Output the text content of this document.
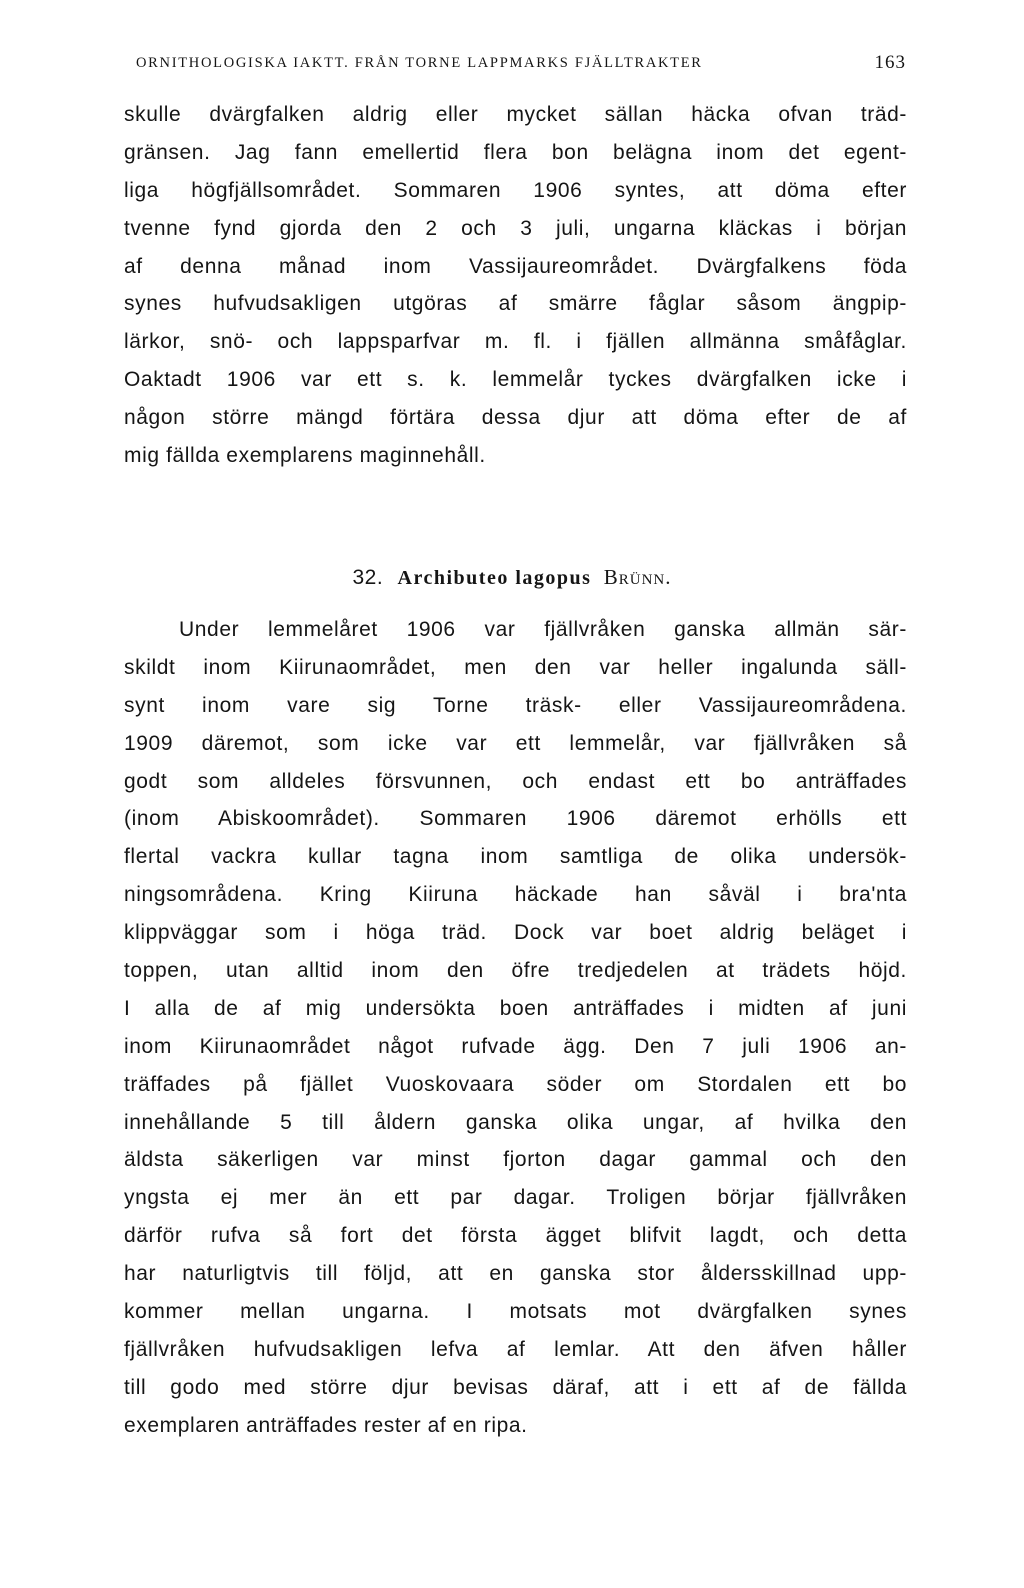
ORNITHOLOGISKA IAKTT. FRÅN TORNE LAPPMARKS FJÄLLTRAKTER	163

skulle dvärgfalken aldrig eller mycket sällan häcka ofvan träd-
gränsen. Jag fann emellertid flera bon belägna inom det egent-
liga högfjällsområdet. Sommaren 1906 syntes, att döma efter
tvenne fynd gjorda den 2 och 3 juli, ungarna kläckas i början
af denna månad inom Vassijaureområdet. Dvärgfalkens föda
synes hufvudsakligen utgöras af smärre fåglar såsom ängpip-
lärkor, snö- och lappsparfvar m. fl. i fjällen allmänna småfåglar.
Oaktadt 1906 var ett s. k. lemmelår tyckes dvärgfalken icke i
någon större mängd förtära dessa djur att döma efter de af
mig fällda exemplarens maginnehåll.

32. Archibuteo lagopus Brünn.

Under lemmelåret 1906 var fjällvråken ganska allmän sär-
skildt inom Kiirunaområdet, men den var heller ingalunda säll-
synt inom vare sig Torne träsk- eller Vassijaureområdena.
1909 däremot, som icke var ett lemmelår, var fjällvråken så
godt som alldeles försvunnen, och endast ett bo anträffades
(inom Abiskoområdet). Sommaren 1906 däremot erhölls ett
flertal vackra kullar tagna inom samtliga de olika undersök-
ningsområdena. Kring Kiiruna häckade han såväl i bra'nta
klippväggar som i höga träd. Dock var boet aldrig beläget i
toppen, utan alltid inom den öfre tredjedelen at trädets höjd.
I alla de af mig undersökta boen anträffades i midten af juni
inom Kiirunaområdet något rufvade ägg. Den 7 juli 1906 an-
träffades på fjället Vuoskovaara söder om Stordalen ett bo
innehållande 5 till åldern ganska olika ungar, af hvilka den
äldsta säkerligen var minst fjorton dagar gammal och den
yngsta ej mer än ett par dagar. Troligen börjar fjällvråken
därför rufva så fort det första ägget blifvit lagdt, och detta
har naturligtvis till följd, att en ganska stor åldersskillnad upp-
kommer mellan ungarna. I motsats mot dvärgfalken synes
fjällvråken hufvudsakligen lefva af lemlar. Att den äfven håller
till godo med större djur bevisas däraf, att i ett af de fällda
exemplaren anträffades rester af en ripa.
